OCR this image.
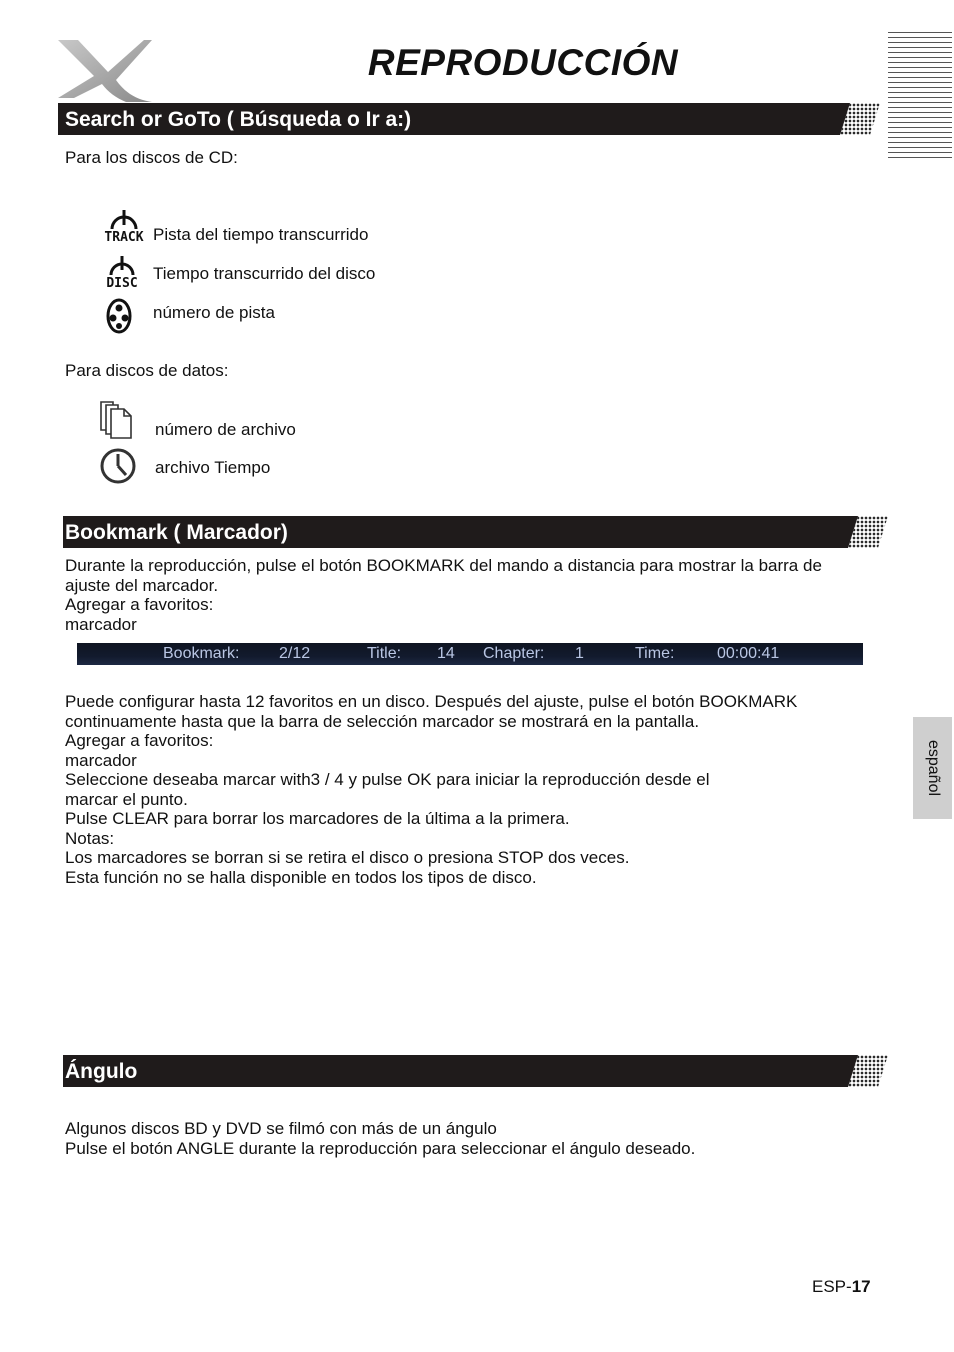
REPRODUCCIÓN
Search or GoTo ( Búsqueda o Ir a:)
Para los discos de CD:
TRACK Pista del tiempo transcurrido
DISC
Tiempo transcurrido del disco
número de pista
Para discos de datos:
número de archivo
archivo Tiempo
Bookmark ( Marcador)
Durante la reproducción, pulse el botón BOOKMARK del mando a distancia para mostrar la barra de
ajuste del marcador.
Agregar a favoritos:
marcador
Bookmark: 2/12	Title: 14 Chapter: 1	Time:	00:00:41
Puede configurar hasta 12 favoritos en un disco. Después del ajuste, pulse el botón BOOKMARK
continuamente hasta que la barra de selección marcador se mostrará en la pantalla.
Agregar a favoritos:
marcador
Seleccione deseaba marcar with3 / 4 y pulse OK para iniciar la reproducción desde el
marcar el punto.
Pulse CLEAR para borrar los marcadores de la última a la primera.
Notas:
Los marcadores se borran si se retira el disco o presiona STOP dos veces.
Esta función no se halla disponible en todos los tipos de disco.
español
Ángulo
Algunos discos BD y DVD se filmó con más de un ángulo
Pulse el botón ANGLE durante la reproducción para seleccionar el ángulo deseado.
ESP-17
